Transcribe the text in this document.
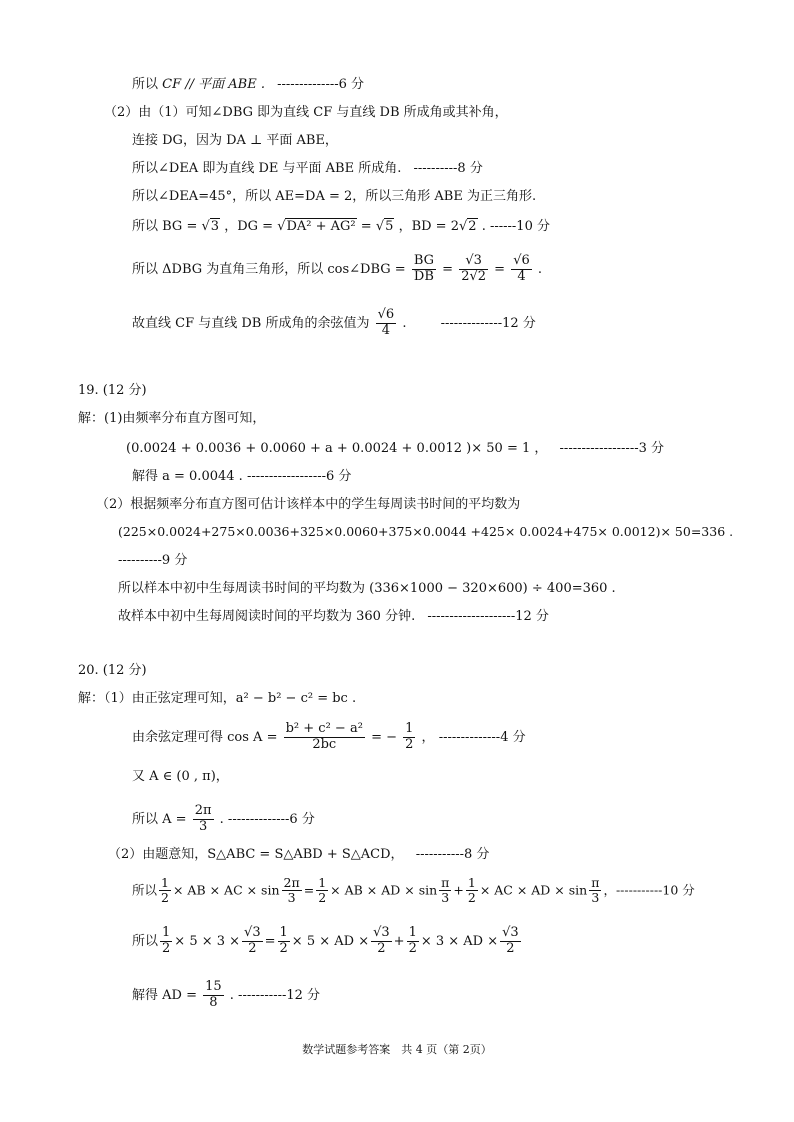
所以 CF // 平面 ABE . --------------6 分
（2）由（1）可知∠DBG 即为直线 CF 与直线 DB 所成角或其补角，
连接 DG，因为 DA ⊥ 平面 ABE，
所以∠DEA 即为直线 DE 与平面 ABE 所成角. ----------8 分
所以∠DEA=45°，所以 AE=DA = 2，所以三角形 ABE 为正三角形.
所以 BG = √3 ，DG = √DA² + AG² = √5 ，BD = 2√2 . ------10 分
所以 ΔDBG 为直角三角形，所以 cos∠DBG = $\frac{BG}{DB} = \frac{√3}{2√2} = \frac{√6}{4}$ .
故直线 CF 与直线 DB 所成角的余弦值为 $\frac{√6}{4}$ .	--------------12 分
19. (12 分)
解：(1)由频率分布直方图可知，
(0.0024 + 0.0036 + 0.0060 + a + 0.0024 + 0.0012 )× 50 = 1 ， ------------------3 分
解得 a = 0.0044 . ------------------6 分
（2）根据频率分布直方图可估计该样本中的学生每周读书时间的平均数为
(225×0.0024+275×0.0036+325×0.0060+375×0.0044 +425× 0.0024+475× 0.0012)× 50=336 .
----------9 分
所以样本中初中生每周读书时间的平均数为 (336×1000 − 320×600) ÷ 400=360 .
故样本中初中生每周阅读时间的平均数为 360 分钟. --------------------12 分
20. (12 分)
解：（1）由正弦定理可知，a² − b² − c² = bc .
由余弦定理可得 $\cos A = \frac{\text{b² + c² − a²}}{2bc}$ = − $\frac{1}{2}$ ， --------------4 分
又 A ∈ (0 , π)，
所以 $A = \frac{2\pi}{3}$ . --------------6 分
（2）由题意知，S△ABC = S△ABD + S△ACD， -----------8 分
所以 $\frac{1}{2}$ × AB × AC × $\sin \frac{2\pi}{3} = \frac{1}{2}$ × AB × AD × $\sin \frac{\pi}{3} + \frac{1}{2}$ × AC × AD × $\sin \frac{\pi}{3}$ ，-----------10 分
所以 $\frac{1}{2} \times 5 \times 3 \times \frac{√3}{2} = \frac{1}{2} \times 5$ × AD × $\frac{√3}{2} + \frac{1}{2} \times 3$ × AD × $\frac{√3}{2}$
解得 AD = $\frac{15}{8}$ . -----------12 分
数学试题参考答案　共 4 页（第 2页）
